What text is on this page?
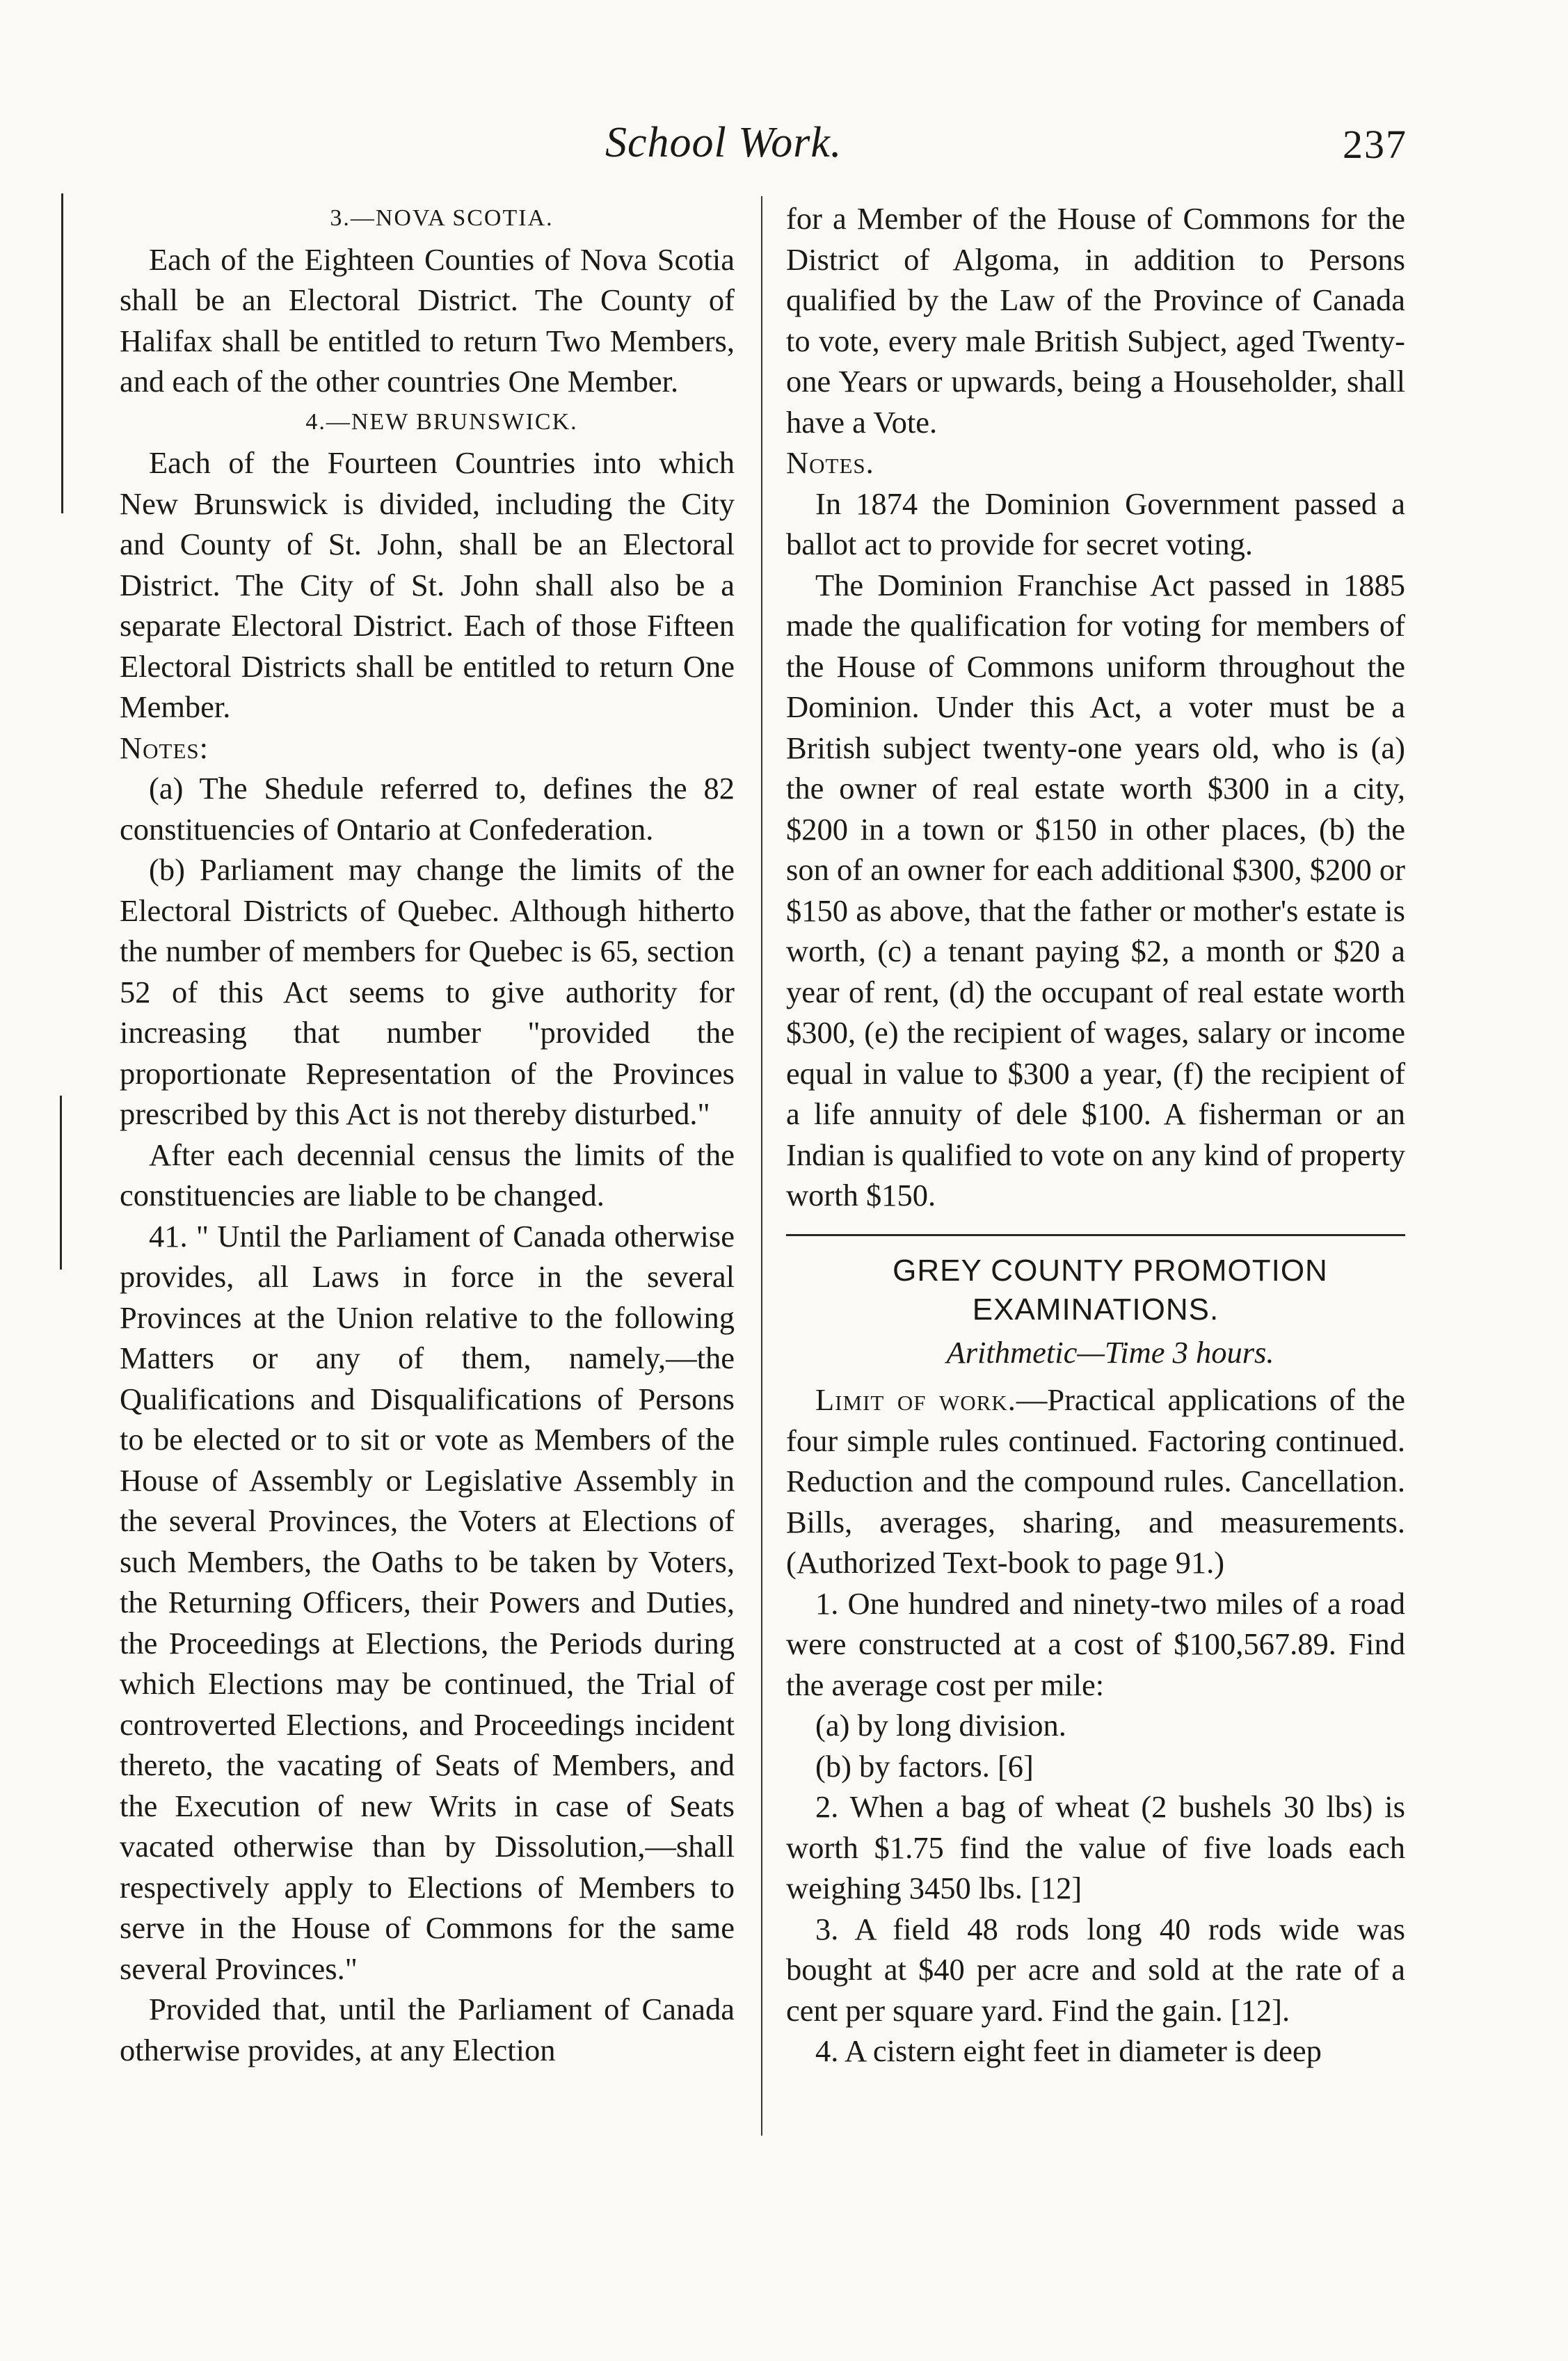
School Work.	237

3.—NOVA SCOTIA.

Each of the Eighteen Counties of Nova Scotia shall be an Electoral District. The County of Halifax shall be entitled to return Two Members, and each of the other countries One Member.

4.—NEW BRUNSWICK.

Each of the Fourteen Countries into which New Brunswick is divided, including the City and County of St. John, shall be an Electoral District. The City of St. John shall also be a separate Electoral District. Each of those Fifteen Electoral Districts shall be entitled to return One Member.

Notes:

(a) The Shedule referred to, defines the 82 constituencies of Ontario at Confederation.

(b) Parliament may change the limits of the Electoral Districts of Quebec. Although hitherto the number of members for Quebec is 65, section 52 of this Act seems to give authority for increasing that number "provided the proportionate Representation of the Provinces prescribed by this Act is not thereby disturbed."

After each decennial census the limits of the constituencies are liable to be changed.

41. " Until the Parliament of Canada otherwise provides, all Laws in force in the several Provinces at the Union relative to the following Matters or any of them, namely,—the Qualifications and Disqualifications of Persons to be elected or to sit or vote as Members of the House of Assembly or Legislative Assembly in the several Provinces, the Voters at Elections of such Members, the Oaths to be taken by Voters, the Returning Officers, their Powers and Duties, the Proceedings at Elections, the Periods during which Elections may be continued, the Trial of controverted Elections, and Proceedings incident thereto, the vacating of Seats of Members, and the Execution of new Writs in case of Seats vacated otherwise than by Dissolution,—shall respectively apply to Elections of Members to serve in the House of Commons for the same several Provinces."

Provided that, until the Parliament of Canada otherwise provides, at any Election

for a Member of the House of Commons for the District of Algoma, in addition to Persons qualified by the Law of the Province of Canada to vote, every male British Subject, aged Twenty-one Years or upwards, being a Householder, shall have a Vote.

Notes.

In 1874 the Dominion Government passed a ballot act to provide for secret voting.

The Dominion Franchise Act passed in 1885 made the qualification for voting for members of the House of Commons uniform throughout the Dominion. Under this Act, a voter must be a British subject twenty-one years old, who is (a) the owner of real estate worth $300 in a city, $200 in a town or $150 in other places, (b) the son of an owner for each additional $300, $200 or $150 as above, that the father or mother's estate is worth, (c) a tenant paying $2, a month or $20 a year of rent, (d) the occupant of real estate worth $300, (e) the recipient of wages, salary or income equal in value to $300 a year, (f) the recipient of a life annuity of dele $100. A fisherman or an Indian is qualified to vote on any kind of property worth $150.

GREY COUNTY PROMOTION EXAMINATIONS.

Arithmetic—Time 3 hours.

Limit of work.—Practical applications of the four simple rules continued. Factoring continued. Reduction and the compound rules. Cancellation. Bills, averages, sharing, and measurements. (Authorized Text-book to page 91.)

1. One hundred and ninety-two miles of a road were constructed at a cost of $100,567.89. Find the average cost per mile:

(a) by long division.

(b) by factors. [6]

2. When a bag of wheat (2 bushels 30 lbs) is worth $1.75 find the value of five loads each weighing 3450 lbs. [12]

3. A field 48 rods long 40 rods wide was bought at $40 per acre and sold at the rate of a cent per square yard. Find the gain. [12].

4. A cistern eight feet in diameter is deep
